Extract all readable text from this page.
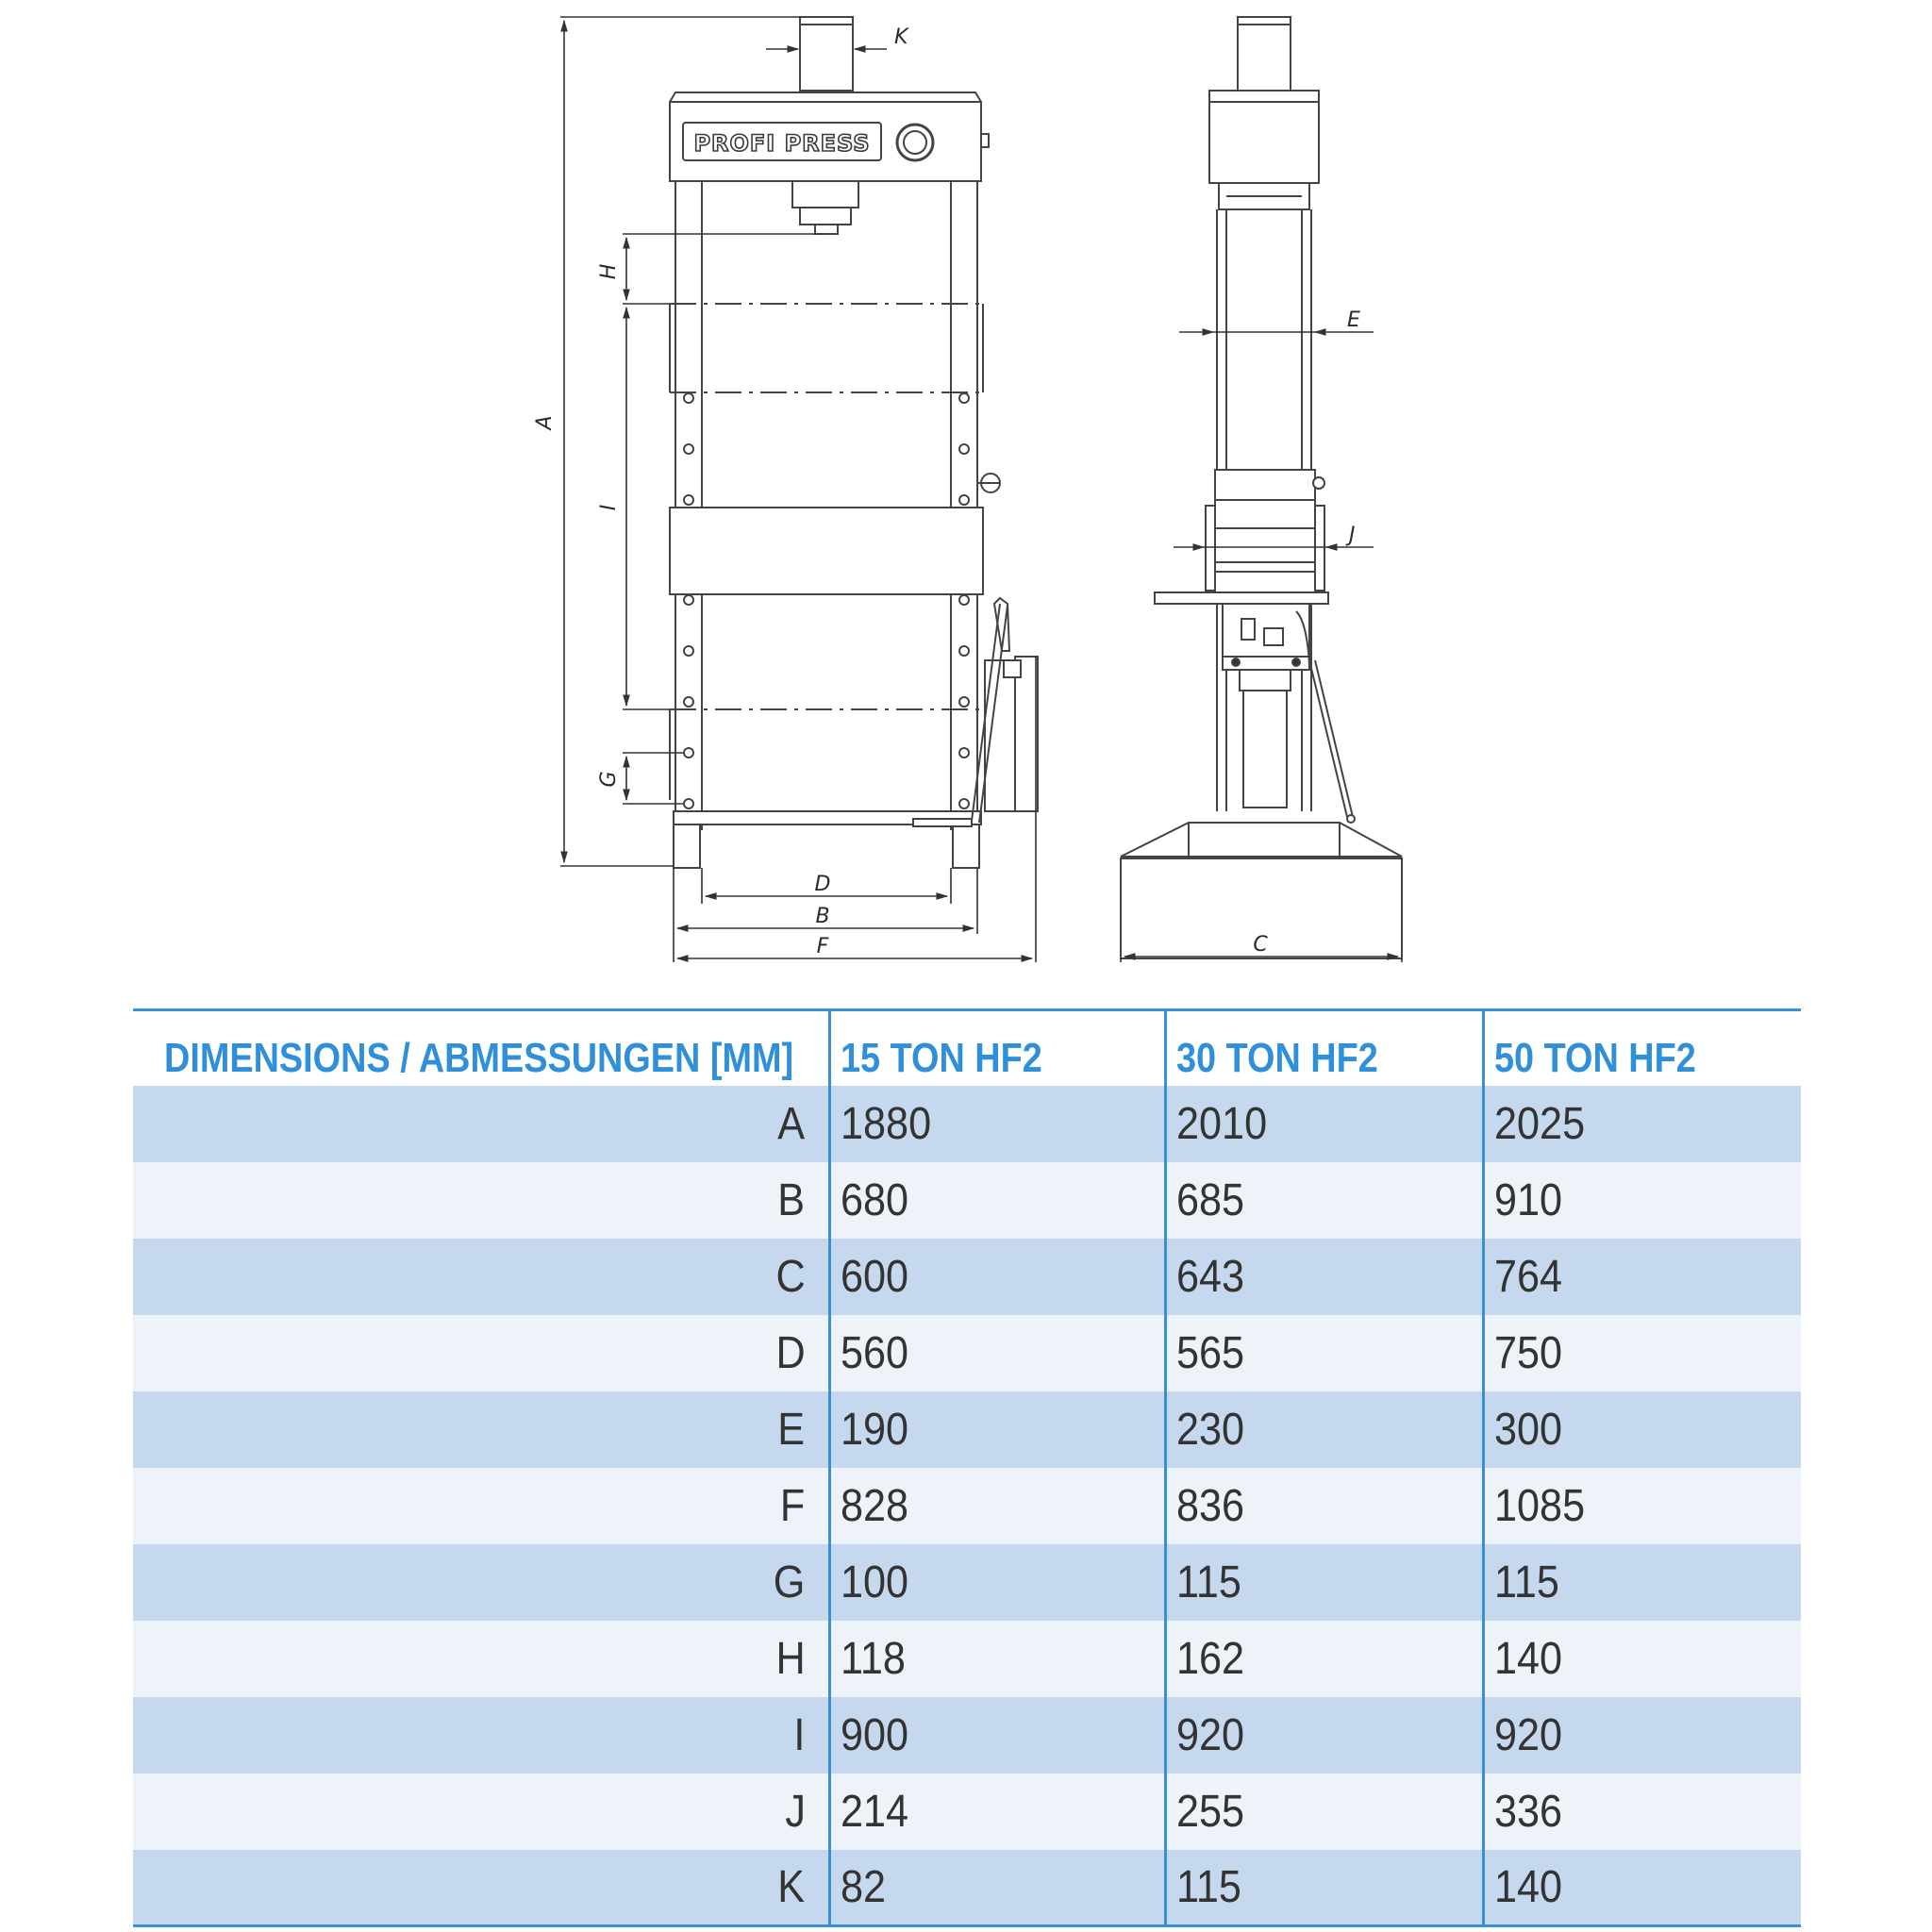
PROFI PRESS
A
K
H
I
G
D
B
F
E
J
C
DIMENSIONS / ABMESSUNGEN [MM]	15 TON HF2	30 TON HF2	50 TON HF2
A	1880	2010	2025
B	680	685	910
C	600	643	764
D	560	565	750
E	190	230	300
F	828	836	1085
G	100	115	115
H	118	162	140
I	900	920	920
J	214	255	336
K	82	115	140
